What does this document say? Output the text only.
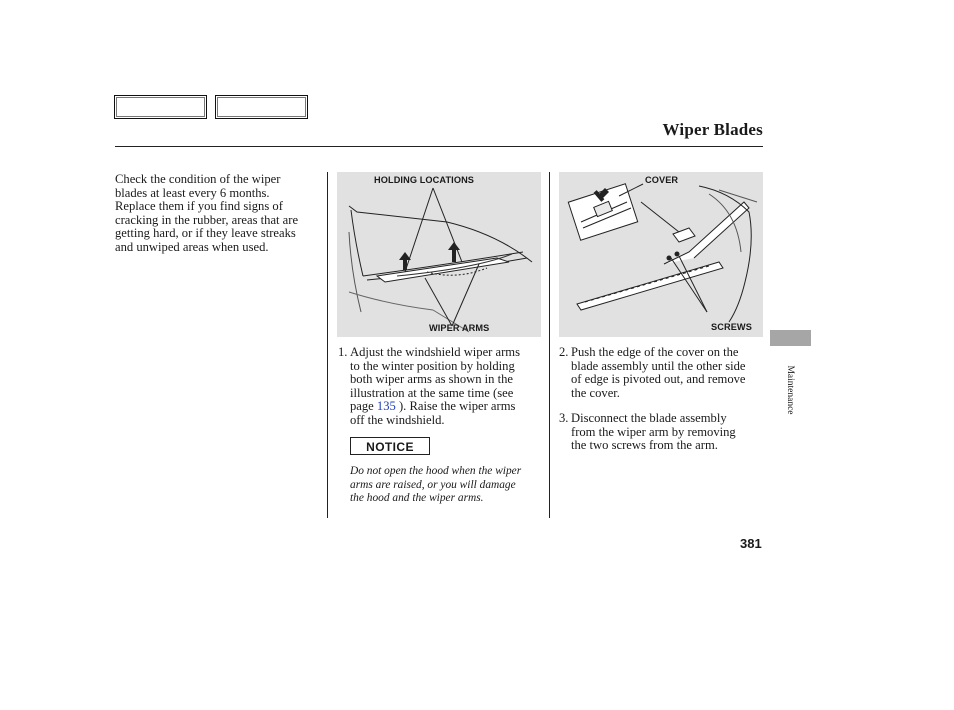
Wiper Blades
Check the condition of the wiper
blades at least every 6 months.
Replace them if you find signs of
cracking in the rubber, areas that are
getting hard, or if they leave streaks
and unwiped areas when used.
HOLDING LOCATIONS
WIPER ARMS
COVER
SCREWS
1. Adjust the windshield wiper arms
to the winter position by holding
both wiper arms as shown in the
illustration at the same time (see
page 135 ). Raise the wiper arms
off the windshield.
NOTICE
Do not open the hood when the wiper
arms are raised, or you will damage
the hood and the wiper arms.
2. Push the edge of the cover on the
blade assembly until the other side
of edge is pivoted out, and remove
the cover.
3. Disconnect the blade assembly
from the wiper arm by removing
the two screws from the arm.
Maintenance
381
